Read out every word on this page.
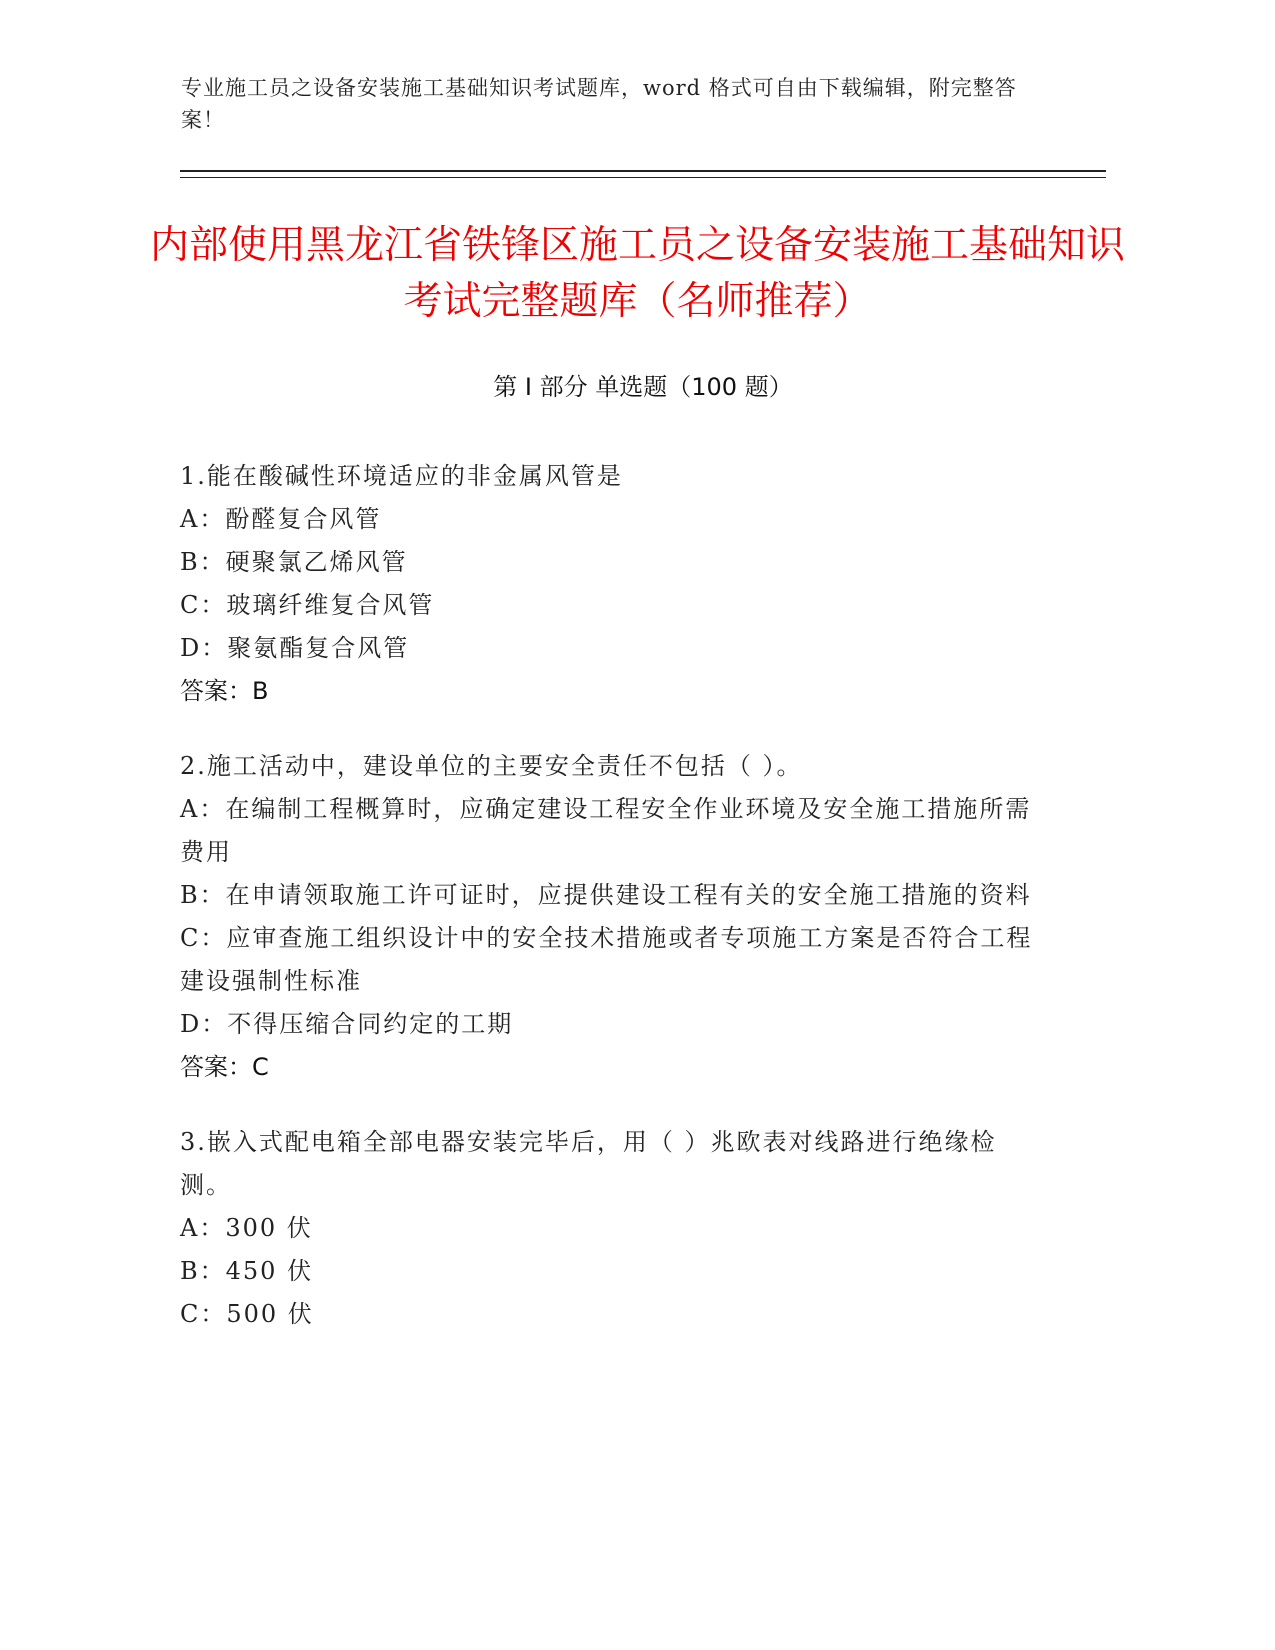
专业施工员之设备安装施工基础知识考试题库，word 格式可自由下载编辑，附完整答案！
内部使用黑龙江省铁锋区施工员之设备安装施工基础知识考试完整题库（名师推荐）
第 I 部分 单选题（100 题）
1.能在酸碱性环境适应的非金属风管是
A：酚醛复合风管
B：硬聚氯乙烯风管
C：玻璃纤维复合风管
D：聚氨酯复合风管
答案：B
2.施工活动中，建设单位的主要安全责任不包括（ ）。
A：在编制工程概算时，应确定建设工程安全作业环境及安全施工措施所需费用
B：在申请领取施工许可证时，应提供建设工程有关的安全施工措施的资料
C：应审查施工组织设计中的安全技术措施或者专项施工方案是否符合工程建设强制性标准
D：不得压缩合同约定的工期
答案：C
3.嵌入式配电箱全部电器安装完毕后，用（ ）兆欧表对线路进行绝缘检测。
A：300 伏
B：450 伏
C：500 伏
